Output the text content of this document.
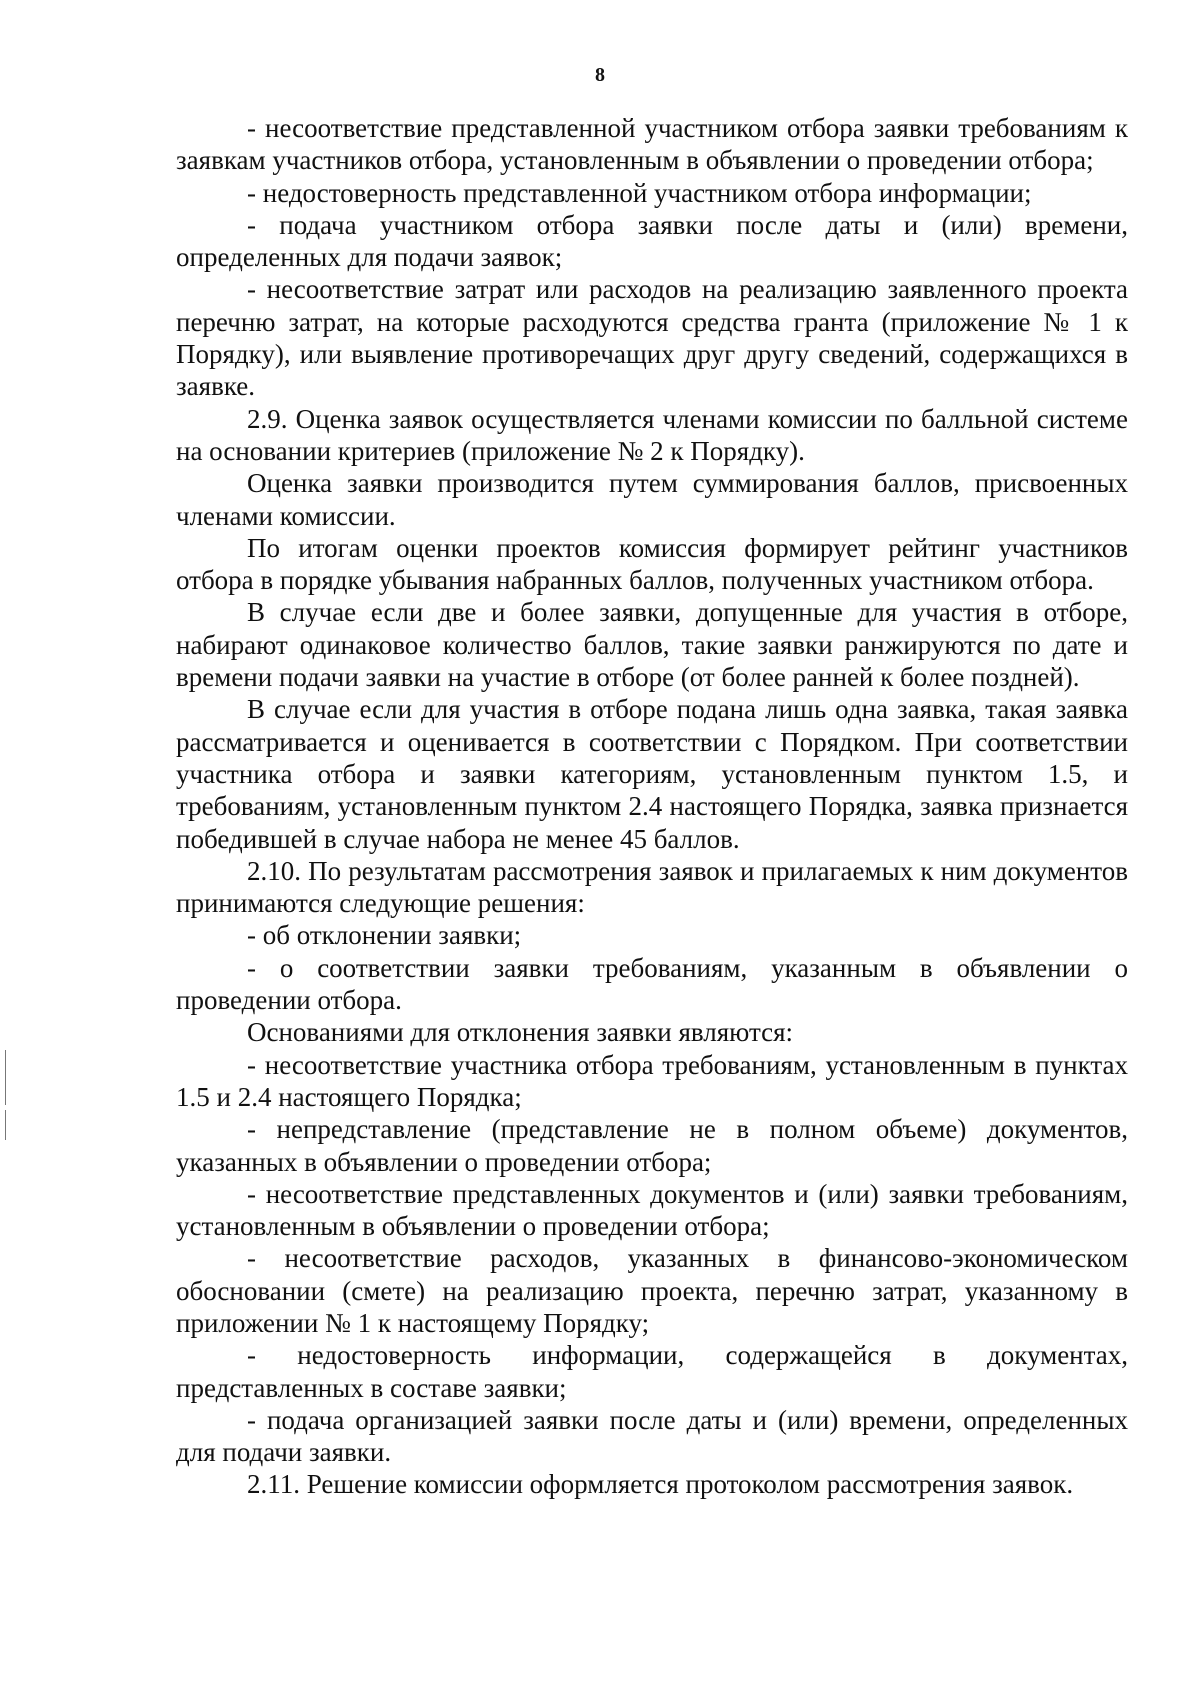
8

- несоответствие представленной участником отбора заявки требованиям к заявкам участников отбора, установленным в объявлении о проведении отбора;

- недостоверность представленной участником отбора информации;

- подача участником отбора заявки после даты и (или) времени, определенных для подачи заявок;

- несоответствие затрат или расходов на реализацию заявленного проекта перечню затрат, на которые расходуются средства гранта (приложение № 1 к Порядку), или выявление противоречащих друг другу сведений, содержащихся в заявке.

2.9. Оценка заявок осуществляется членами комиссии по балльной системе на основании критериев (приложение № 2 к Порядку).

Оценка заявки производится путем суммирования баллов, присвоенных членами комиссии.

По итогам оценки проектов комиссия формирует рейтинг участников отбора в порядке убывания набранных баллов, полученных участником отбора.

В случае если две и более заявки, допущенные для участия в отборе, набирают одинаковое количество баллов, такие заявки ранжируются по дате и времени подачи заявки на участие в отборе (от более ранней к более поздней).

В случае если для участия в отборе подана лишь одна заявка, такая заявка рассматривается и оценивается в соответствии с Порядком. При соответствии участника отбора и заявки категориям, установленным пунктом 1.5, и требованиям, установленным пунктом 2.4 настоящего Порядка, заявка признается победившей в случае набора не менее 45 баллов.

2.10. По результатам рассмотрения заявок и прилагаемых к ним документов принимаются следующие решения:

- об отклонении заявки;

- о соответствии заявки требованиям, указанным в объявлении о проведении отбора.

Основаниями для отклонения заявки являются:

- несоответствие участника отбора требованиям, установленным в пунктах 1.5 и 2.4 настоящего Порядка;

- непредставление (представление не в полном объеме) документов, указанных в объявлении о проведении отбора;

- несоответствие представленных документов и (или) заявки требованиям, установленным в объявлении о проведении отбора;

- несоответствие расходов, указанных в финансово-экономическом обосновании (смете) на реализацию проекта, перечню затрат, указанному в приложении № 1 к настоящему Порядку;

- недостоверность информации, содержащейся в документах, представленных в составе заявки;

- подача организацией заявки после даты и (или) времени, определенных для подачи заявки.

2.11. Решение комиссии оформляется протоколом рассмотрения заявок.
